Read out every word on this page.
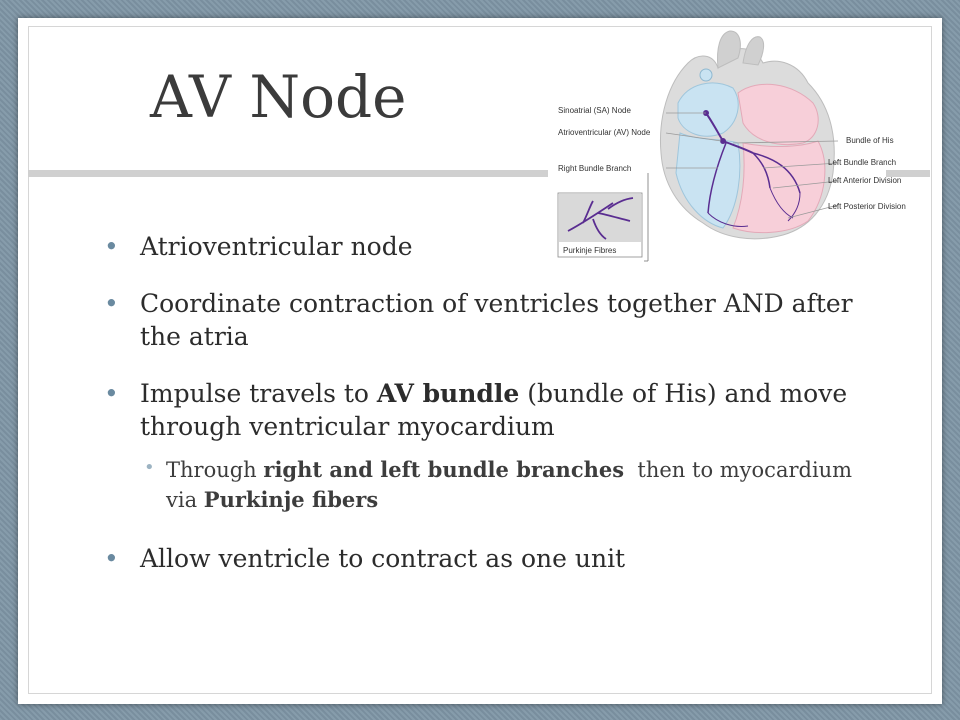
AV Node	Sinoatrial (SA) Node
Atrioventricular (AV) Node
Right Bundle Branch
Purkinje Fibres
Bundle of His
Left Bundle Branch
Left Anterior Division
Left Posterior Division
• Atrioventricular node
• Coordinate contraction of ventricles together AND after the atria
• Impulse travels to AV bundle (bundle of His) and move through ventricular myocardium
• Through right and left bundle branches  then to myocardium via Purkinje fibers
• Allow ventricle to contract as one unit
